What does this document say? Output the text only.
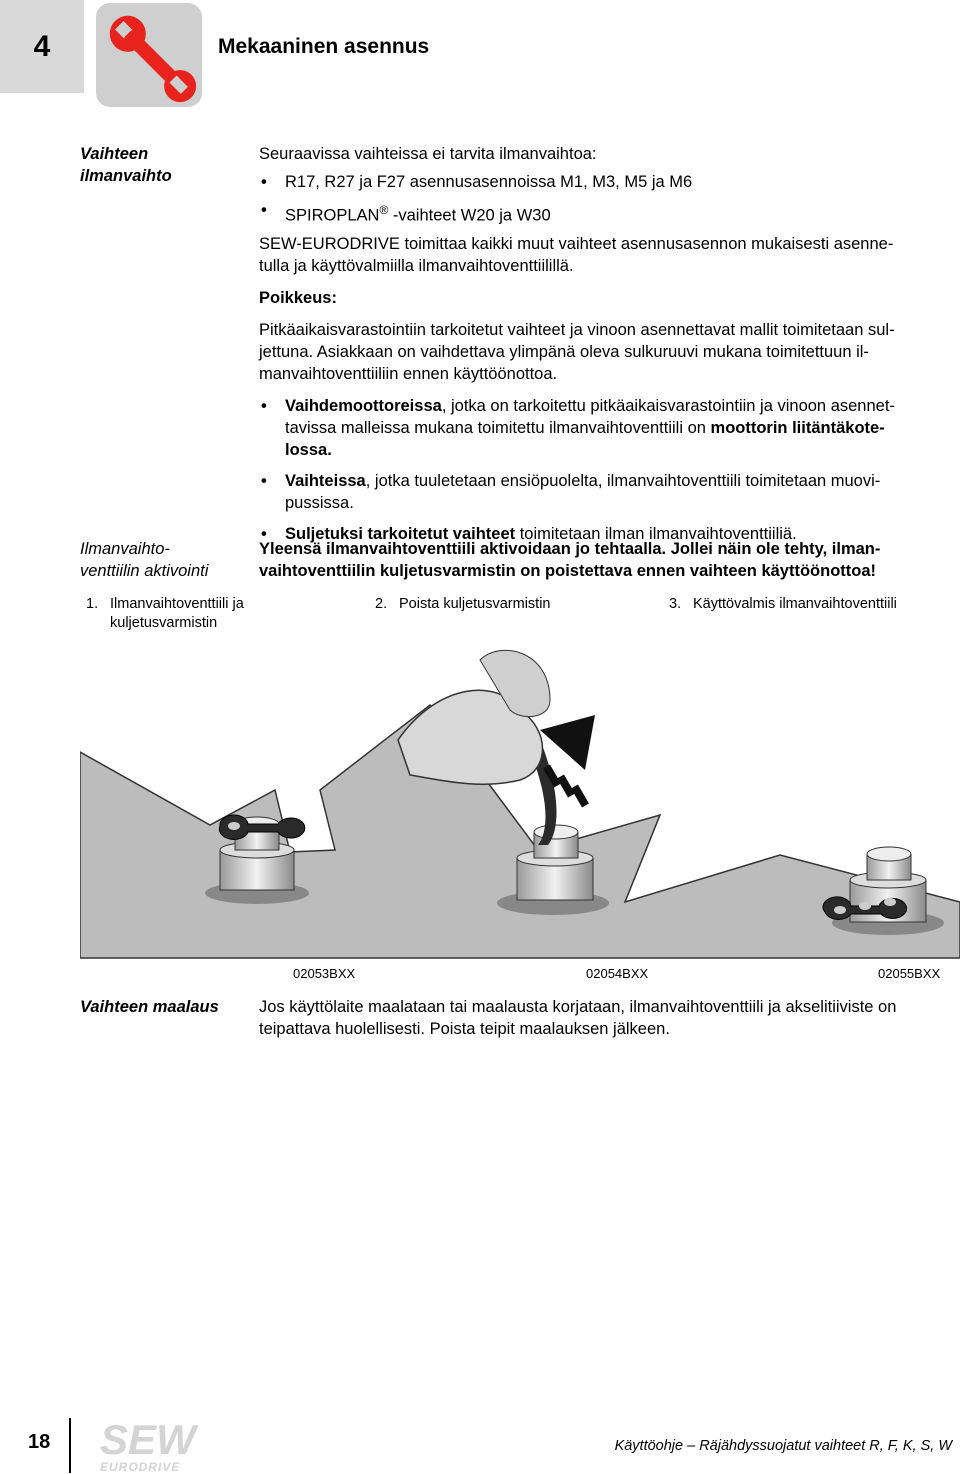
4	Mekaaninen asennus
Vaihteen
ilmanvaihto
Ilmanvaihto-
venttiilin aktivointi
Vaihteen maalaus

Seuraavissa vaihteissa ei tarvita ilmanvaihtoa:

• R17, R27 ja F27 asennusasennoissa M1, M3, M5 ja M6
• SPIROPLAN® -vaihteet W20 ja W30

SEW-EURODRIVE toimittaa kaikki muut vaihteet asennusasennon mukaisesti asenne-
tulla ja käyttövalmiilla ilmanvaihtoventtiilillä.

Poikkeus:

Pitkäaikaisvarastointiin tarkoitetut vaihteet ja vinoon asennettavat mallit toimitetaan sul-
jettuna. Asiakkaan on vaihdettava ylimpänä oleva sulkuruuvi mukana toimitettuun il-
manvaihtoventtiiliin ennen käyttöönottoa.

• Vaihdemoottoreissa, jotka on tarkoitettu pitkäaikaisvarastointiin ja vinoon asennet-
tavissa malleissa mukana toimitettu ilmanvaihtoventtiili on moottorin liitäntäkote-
lossa.
• Vaihteissa, jotka tuuletetaan ensiöpuolelta, ilmanvaihtoventtiili toimitetaan muovi-
pussissa.
• Suljetuksi tarkoitetut vaihteet toimitetaan ilman ilmanvaihtoventtiiliä.
Yleensä ilmanvaihtoventtiili aktivoidaan jo tehtaalla. Jollei näin ole tehty, ilman-
vaihtoventtiilin kuljetusvarmistin on poistettava ennen vaihteen käyttöönottoa!
1. Ilmanvaihtoventtiili ja
kuljetusvarmistin
2. Poista kuljetusvarmistin	3. Käyttövalmis ilmanvaihtoventtiili
02053BXX	02054BXX	02055BXX
Jos käyttölaite maalataan tai maalausta korjataan, ilmanvaihtoventtiili ja akselitiiviste on
teipattava huolellisesti. Poista teipit maalauksen jälkeen.
18 SEW
EURODRIVE
Käyttöohje – Räjähdyssuojatut vaihteet R, F, K, S, W
